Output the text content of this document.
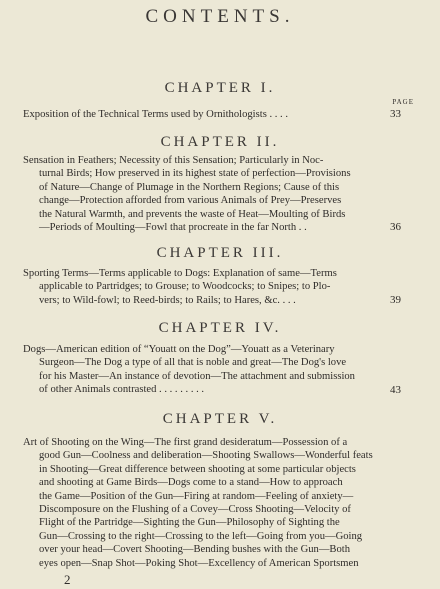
CONTENTS.
CHAPTER I.
PAGE
Exposition of the Technical Terms used by Ornithologists . . . .	33
CHAPTER II.
Sensation in Feathers; Necessity of this Sensation; Particularly in Noc-
turnal Birds; How preserved in its highest state of perfection—Provisions
of Nature—Change of Plumage in the Northern Regions; Cause of this
change—Protection afforded from various Animals of Prey—Preserves
the Natural Warmth, and prevents the waste of Heat—Moulting of Birds
—Periods of Moulting—Fowl that procreate in the far North . .	36
CHAPTER III.
Sporting Terms—Terms applicable to Dogs: Explanation of same—Terms
applicable to Partridges; to Grouse; to Woodcocks; to Snipes; to Plo-
vers; to Wild-fowl; to Reed-birds; to Rails; to Hares, &c. . . .	39
CHAPTER IV.
Dogs—American edition of “Youatt on the Dog”—Youatt as a Veterinary
Surgeon—The Dog a type of all that is noble and great—The Dog's love
for his Master—An instance of devotion—The attachment and submission
of other Animals contrasted . . . . . . . . .	43
CHAPTER V.
Art of Shooting on the Wing—The first grand desideratum—Possession of a
good Gun—Coolness and deliberation—Shooting Swallows—Wonderful feats
in Shooting—Great difference between shooting at some particular objects
and shooting at Game Birds—Dogs come to a stand—How to approach
the Game—Position of the Gun—Firing at random—Feeling of anxiety—
Discomposure on the Flushing of a Covey—Cross Shooting—Velocity of
Flight of the Partridge—Sighting the Gun—Philosophy of Sighting the
Gun—Crossing to the right—Crossing to the left—Going from you—Going
over your head—Covert Shooting—Bending bushes with the Gun—Both
eyes open—Snap Shot—Poking Shot—Excellency of American Sportsmen
2
